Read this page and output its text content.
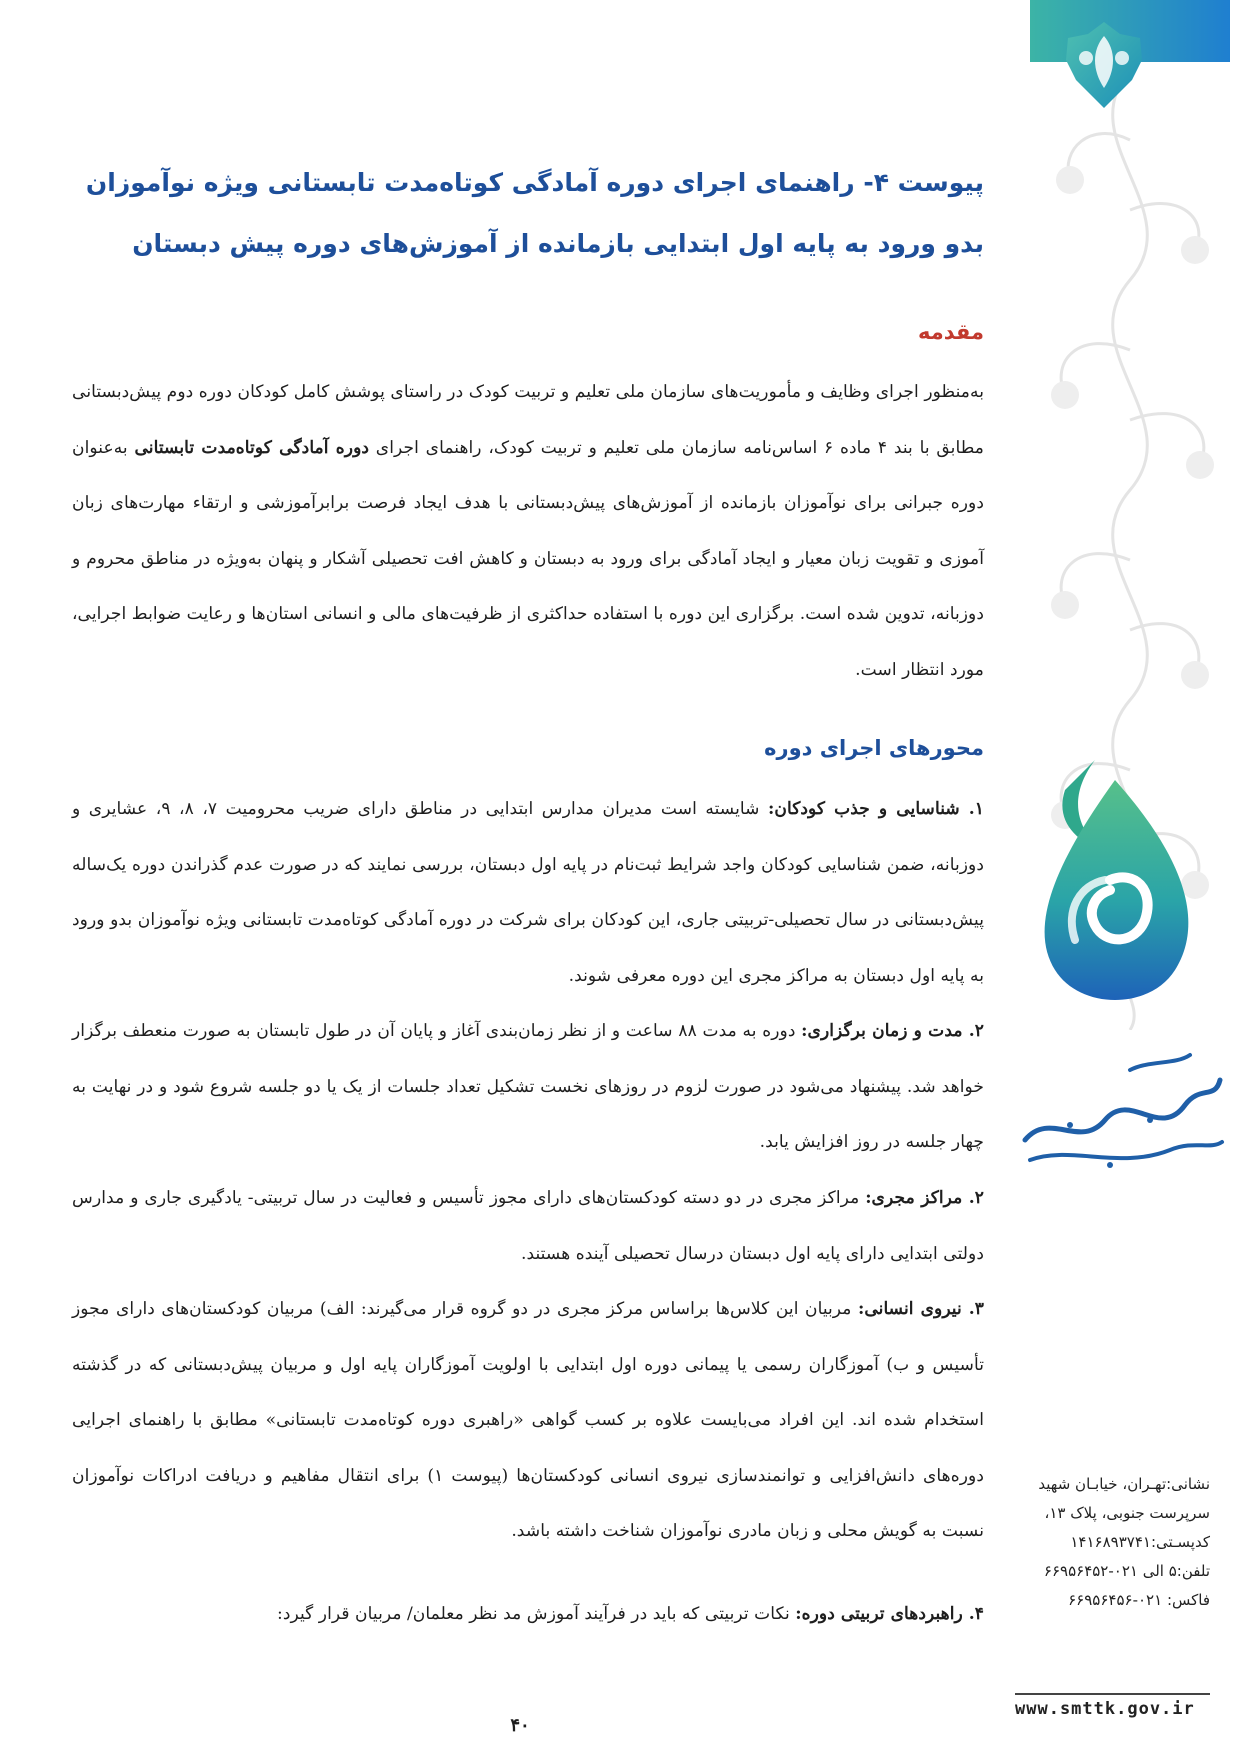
پیوست ۴- راهنمای اجرای دوره آمادگی کوتاه‌مدت تابستانی ویژه نوآموزان بدو ورود به پایه اول ابتدایی بازمانده از آموزش‌های دوره پیش دبستان
مقدمه

به‌منظور اجرای وظایف و مأموریت‌های سازمان ملی تعلیم و تربیت کودک در راستای پوشش کامل کودکان دوره دوم پیش‌دبستانی مطابق با بند ۴ ماده ۶ اساس‌نامه سازمان ملی تعلیم و تربیت کودک، راهنمای اجرای دوره آمادگی کوتاه‌مدت تابستانی به‌عنوان دوره جبرانی برای نوآموزان بازمانده از آموزش‌های پیش‌دبستانی با هدف ایجاد فرصت برابرآموزشی و ارتقاء مهارت‌های زبان آموزی و تقویت زبان معیار و ایجاد آمادگی برای ورود به دبستان و کاهش افت تحصیلی آشکار و پنهان به‌ویژه در مناطق محروم و دوزبانه، تدوین شده است. برگزاری این دوره با استفاده حداکثری از ظرفیت‌های مالی و انسانی استان‌ها و رعایت ضوابط اجرایی، مورد انتظار است.

محورهای اجرای دوره

۱. شناسایی و جذب کودکان: شایسته است مدیران مدارس ابتدایی در مناطق دارای ضریب محرومیت ۷، ۸، ۹، عشایری و دوزبانه، ضمن شناسایی کودکان واجد شرایط ثبت‌نام در پایه اول دبستان، بررسی نمایند که در صورت عدم گذراندن دوره یک‌ساله پیش‌دبستانی در سال تحصیلی-تربیتی جاری، این کودکان برای شرکت در دوره آمادگی کوتاه‌مدت تابستانی ویژه نوآموزان بدو ورود به پایه اول دبستان به مراکز مجری این دوره معرفی شوند.

۲. مدت و زمان برگزاری: دوره به مدت ۸۸ ساعت و از نظر زمان‌بندی آغاز و پایان آن در طول تابستان به صورت منعطف برگزار خواهد شد. پیشنهاد می‌شود در صورت لزوم در روزهای نخست تشکیل تعداد جلسات از یک یا دو جلسه شروع شود و در نهایت به چهار جلسه در روز افزایش یابد.

۲. مراکز مجری: مراکز مجری در دو دسته کودکستان‌های دارای مجوز تأسیس و فعالیت در سال تربیتی- یادگیری جاری و مدارس دولتی ابتدایی دارای پایه اول دبستان درسال تحصیلی آینده هستند.

۳. نیروی انسانی: مربیان این کلاس‌ها براساس مرکز مجری در دو گروه قرار می‌گیرند: الف) مربیان کودکستان‌های دارای مجوز تأسیس و ب) آموزگاران رسمی یا پیمانی دوره اول ابتدایی با اولویت آموزگاران پایه اول و مربیان پیش‌دبستانی که در گذشته استخدام شده اند. این افراد می‌بایست علاوه بر کسب گواهی «راهبری دوره کوتاه‌مدت تابستانی» مطابق با راهنمای اجرایی دوره‌های دانش‌افزایی و توانمندسازی نیروی انسانی کودکستان‌ها (پیوست ۱) برای انتقال مفاهیم و دریافت ادراکات نوآموزان نسبت به گویش محلی و زبان مادری نوآموزان شناخت داشته باشد.

۴. راهبردهای تربیتی دوره: نکات تربیتی که باید در فرآیند آموزش مد نظر معلمان/ مربیان قرار گیرد:

۴۰
نشانی:تهـران، خیابـان شهید
سرپرست جنوبی، پلاک ۱۳،
کدپسـتی:۱۴۱۶۸۹۳۷۴۱
تلفن:۵ الی ۰۲۱-۶۶۹۵۶۴۵۲
فاکس: ۰۲۱-۶۶۹۵۶۴۵۶
www.smttk.gov.ir
